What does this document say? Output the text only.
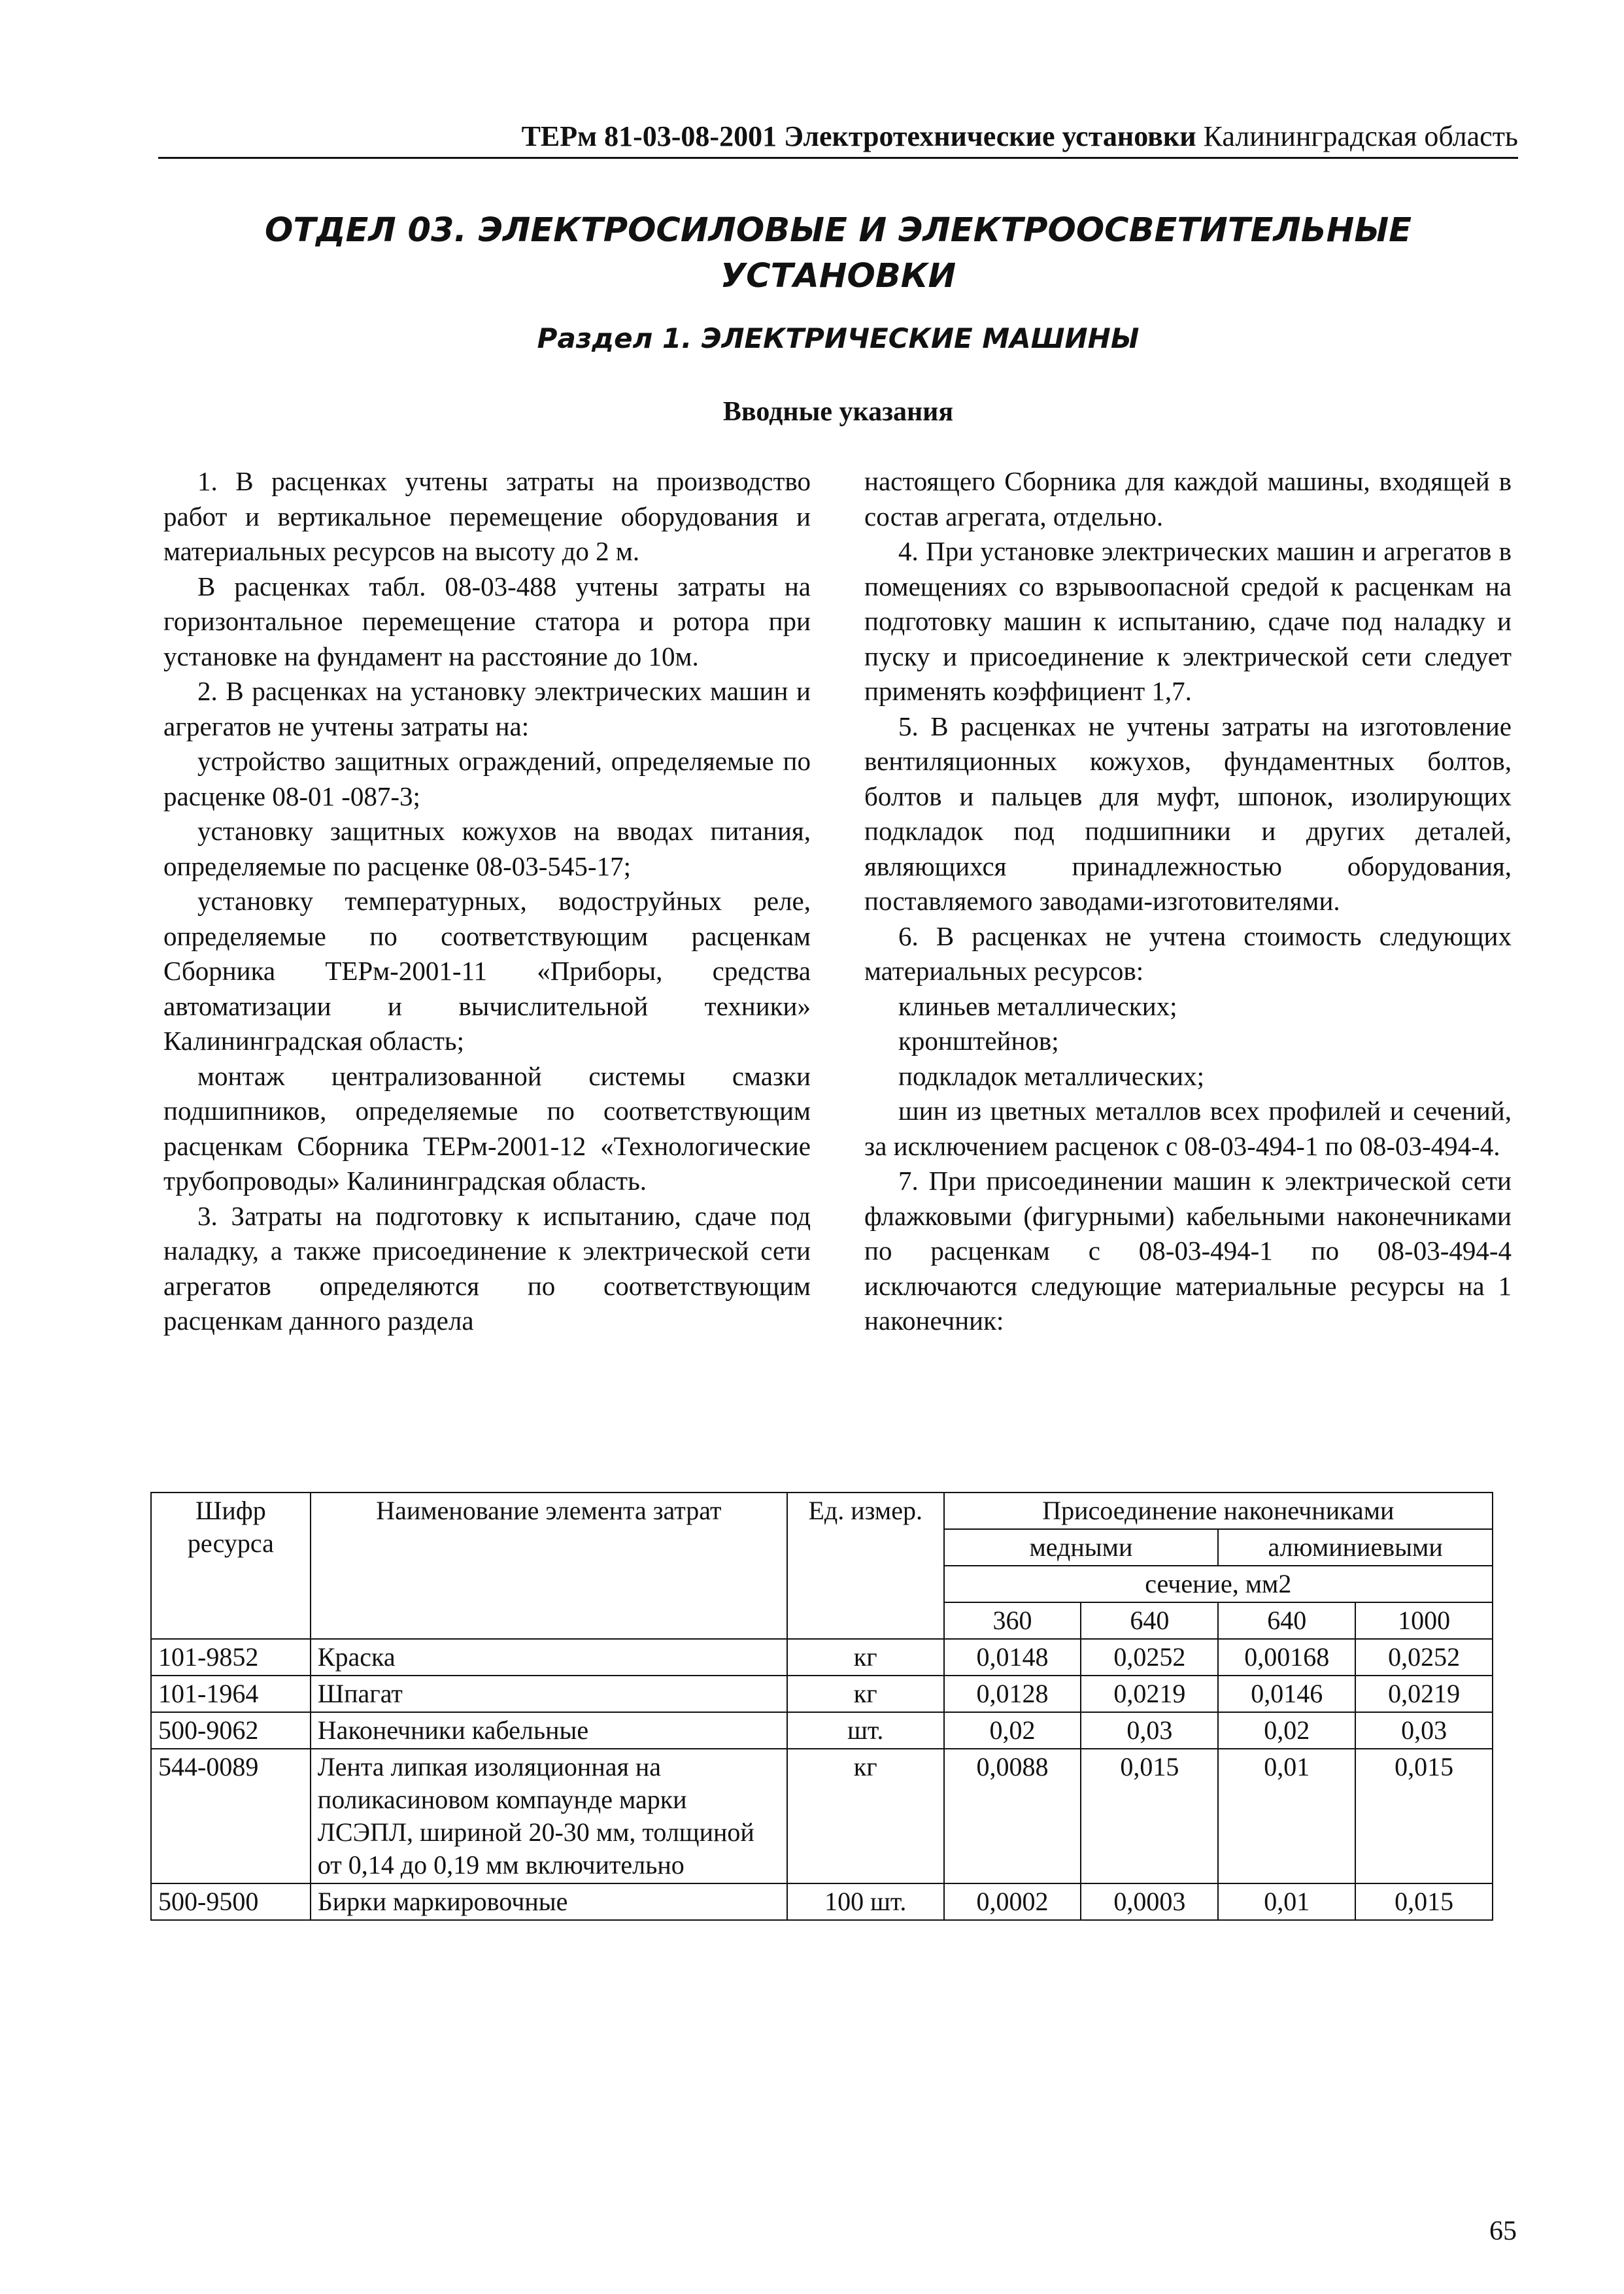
ТЕРм 81-03-08-2001 Электротехнические установки Калининградская область
ОТДЕЛ 03. ЭЛЕКТРОСИЛОВЫЕ И ЭЛЕКТРООСВЕТИТЕЛЬНЫЕ УСТАНОВКИ
Раздел 1. ЭЛЕКТРИЧЕСКИЕ МАШИНЫ
Вводные указания

1. В расценках учтены затраты на производство работ и вертикальное перемещение оборудования и материальных ресурсов на высоту до 2 м.

В расценках табл. 08-03-488 учтены затраты на горизонтальное перемещение статора и ротора при установке на фундамент на расстояние до 10м.

2. В расценках на установку электрических машин и агрегатов не учтены затраты на:

устройство защитных ограждений, определяемые по расценке 08-01 -087-3;

установку защитных кожухов на вводах питания, определяемые по расценке 08-03-545-17;

установку температурных, водоструйных реле, определяемые по соответствующим расценкам Сборника ТЕРм-2001-11 «Приборы, средства автоматизации и вычислительной техники» Калининградская область;

монтаж централизованной системы смазки подшипников, определяемые по соответствующим расценкам Сборника ТЕРм-2001-12 «Технологические трубопроводы» Калининградская область.

3. Затраты на подготовку к испытанию, сдаче под наладку, а также присоединение к электрической сети агрегатов определяются по соответствующим расценкам данного раздела

настоящего Сборника для каждой машины, входящей в состав агрегата, отдельно.

4. При установке электрических машин и агрегатов в помещениях со взрывоопасной средой к расценкам на подготовку машин к испытанию, сдаче под наладку и пуску и присоединение к электрической сети следует применять коэффициент 1,7.

5. В расценках не учтены затраты на изготовление вентиляционных кожухов, фундаментных болтов, болтов и пальцев для муфт, шпонок, изолирующих подкладок под подшипники и других деталей, являющихся принадлежностью оборудования, поставляемого заводами-изготовителями.

6. В расценках не учтена стоимость следующих материальных ресурсов:

клиньев металлических;

кронштейнов;

подкладок металлических;

шин из цветных металлов всех профилей и сечений, за исключением расценок с 08-03-494-1 по 08-03-494-4.

7. При присоединении машин к электрической сети флажковыми (фигурными) кабельными наконечниками по расценкам с 08-03-494-1 по 08-03-494-4 исключаются следующие материальные ресурсы на 1 наконечник:

Шифр ресурса	Наименование элемента затрат	Ед. измер.	Присоединение наконечниками			
			медными		алюминиевыми	
			сечение, мм2			
			360	640	640	1000
101-9852	Краска	кг	0,0148	0,0252	0,00168	0,0252
101-1964	Шпагат	кг	0,0128	0,0219	0,0146	0,0219
500-9062	Наконечники кабельные	шт.	0,02	0,03	0,02	0,03
544-0089	Лента липкая изоляционная на поликасиновом компаунде марки ЛСЭПЛ, шириной 20-30 мм, толщиной от 0,14 до 0,19 мм включительно	кг	0,0088	0,015	0,01	0,015
500-9500	Бирки маркировочные	100 шт.	0,0002	0,0003	0,01	0,015
65
